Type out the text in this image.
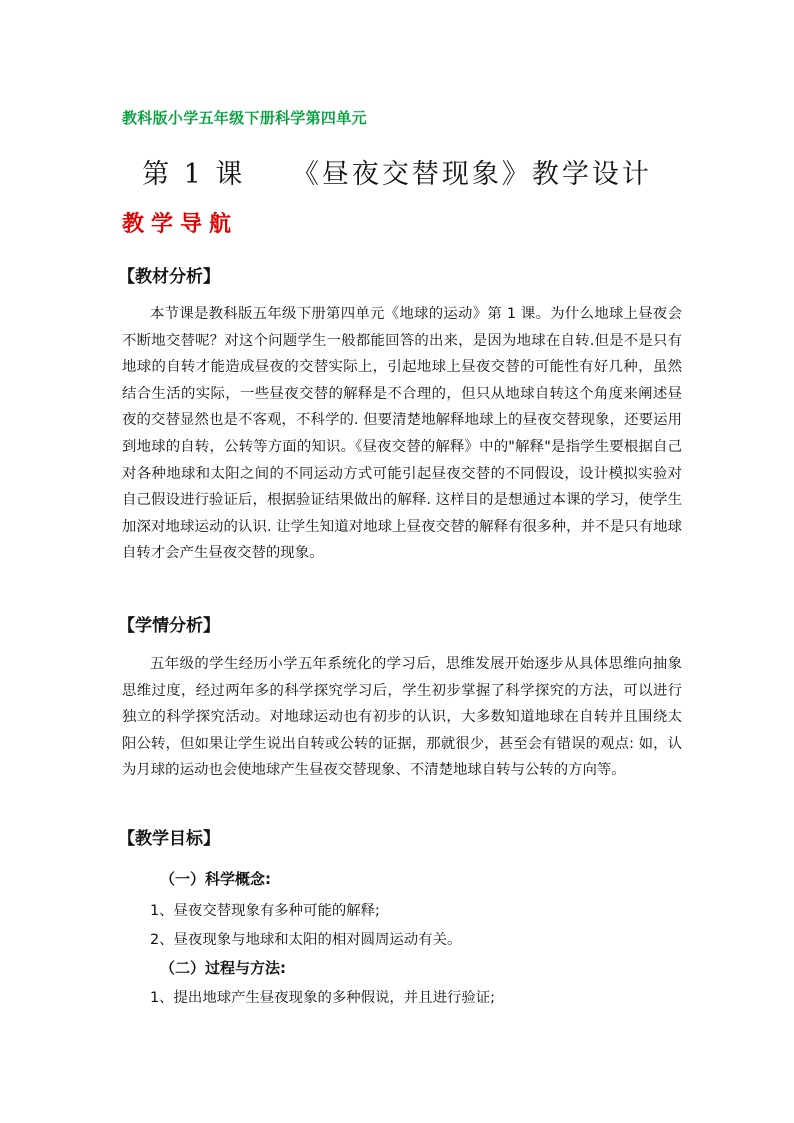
教科版小学五年级下册科学第四单元
第 1 课　　《昼夜交替现象》教学设计
教学导航
【教材分析】
本节课是教科版五年级下册第四单元《地球的运动》第 1 课。为什么地球上昼夜会不断地交替呢？对这个问题学生一般都能回答的出来，是因为地球在自转.但是不是只有地球的自转才能造成昼夜的交替实际上，引起地球上昼夜交替的可能性有好几种，虽然结合生活的实际，一些昼夜交替的解释是不合理的，但只从地球自转这个角度来阐述昼夜的交替显然也是不客观，不科学的. 但要清楚地解释地球上的昼夜交替现象，还要运用到地球的自转，公转等方面的知识。《昼夜交替的解释》中的"解释"是指学生要根据自己对各种地球和太阳之间的不同运动方式可能引起昼夜交替的不同假设，设计模拟实验对自己假设进行验证后，根据验证结果做出的解释. 这样目的是想通过本课的学习，使学生加深对地球运动的认识. 让学生知道对地球上昼夜交替的解释有很多种，并不是只有地球自转才会产生昼夜交替的现象。
【学情分析】
五年级的学生经历小学五年系统化的学习后，思维发展开始逐步从具体思维向抽象思维过度，经过两年多的科学探究学习后，学生初步掌握了科学探究的方法，可以进行独立的科学探究活动。对地球运动也有初步的认识，大多数知道地球在自转并且围绕太阳公转，但如果让学生说出自转或公转的证据，那就很少，甚至会有错误的观点: 如，认为月球的运动也会使地球产生昼夜交替现象、不清楚地球自转与公转的方向等。
【教学目标】
（一）科学概念:
1、昼夜交替现象有多种可能的解释;
2、昼夜现象与地球和太阳的相对圆周运动有关。
（二）过程与方法:
1、提出地球产生昼夜现象的多种假说，并且进行验证;
